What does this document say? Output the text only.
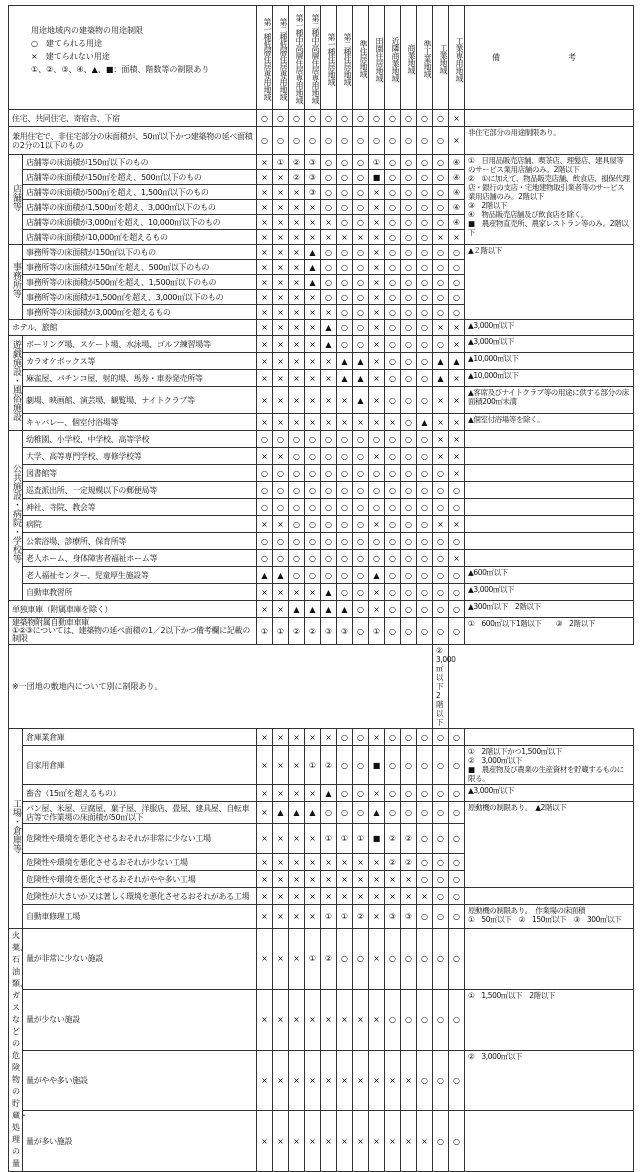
用途地域内の建築物の用途制限
○　建てられる用途
×　建てられない用途
①、②、③、④、▲、■：面積、階数等の制限あり		第一種低層住居専用地域	第二種低層住居専用地域	第一種中高層住居専用地域	第二種中高層住居専用地域	第一種住居地域	第二種住居地域	準住居地域	田園住居地域	近隣商業地域	商業地域	準工業地域	工業地域	工業専用地域	備　考
住宅、共同住宅、寄宿舎、下宿		○	○	○	○	○	○	○	○	○	○	○	○	×	
兼用住宅で、非住宅部分の床面積が、50㎡以下かつ建築物の延べ面積の2分の1以下のもの		○	○	○	○	○	○	○	○	○	○	○	○	×	非住宅部分の用途制限あり。
店舗等	店舗等の床面積が150㎡以下のもの	×	①	②	③	○	○	○	①	○	○	○	○	④	①　日用品販売店舗、喫茶店、理髪店、建具屋等のサービス業用店舗のみ。2階以下
②　①に加えて、物品販売店舗、飲食店、損保代理店・銀行の支店・宅地建物取引業者等のサービス業用店舗のみ。2階以下
③　2階以下
④　物品販売店舗及び飲食店を除く。
■　農産物直売所、農家レストラン等のみ。2階以下
	店舗等の床面積が150㎡を超え、500㎡以下のもの	×	×	②	③	○	○	○	■	○	○	○	○	④	
	店舗等の床面積が500㎡を超え、1,500㎡以下のもの	×	×	×	③	○	○	○	×	○	○	○	○	④	
	店舗等の床面積が1,500㎡を超え、3,000㎡以下のもの	×	×	×	×	○	○	○	×	○	○	○	○	④	
	店舗等の床面積が3,000㎡を超え、10,000㎡以下のもの	×	×	×	×	×	○	○	×	○	○	○	○	④	
	店舗等の床面積が10,000㎡を超えるもの	×	×	×	×	×	×	×	×	○	○	○	×	×	
事務所等	事務所等の床面積が150㎡以下のもの	×	×	×	▲	○	○	○	×	○	○	○	○	○	▲２階以下
	事務所等の床面積が150㎡を超え、500㎡以下のもの	×	×	×	▲	○	○	○	×	○	○	○	○	○	
	事務所等の床面積が500㎡を超え、1,500㎡以下のもの	×	×	×	▲	○	○	○	×	○	○	○	○	○	
	事務所等の床面積が1,500㎡を超え、3,000㎡以下のもの	×	×	×	×	○	○	○	×	○	○	○	○	○	
	事務所等の床面積が3,000㎡を超えるもの	×	×	×	×	×	○	○	×	○	○	○	○	○	
ホテル、旅館		×	×	×	×	▲	○	○	×	○	○	○	×	×	▲3,000㎡以下
遊戯施設・風俗施設	ボーリング場、スケート場、水泳場、ゴルフ練習場等	×	×	×	×	▲	○	○	×	○	○	○	○	×	▲3,000㎡以下
	カラオケボックス等	×	×	×	×	×	▲	▲	×	○	○	○	▲	▲	▲10,000㎡以下
	麻雀屋、パチンコ屋、射的場、馬券・車券発売所等	×	×	×	×	×	▲	▲	×	○	○	○	▲	×	▲10,000㎡以下
	劇場、映画館、演芸場、観覧場、ナイトクラブ等	×	×	×	×	×	×	▲	×	○	○	○	×	×	▲客席及びナイトクラブ等の用途に供する部分の床面積200㎡未満
	キャバレー、個室付浴場等	×	×	×	×	×	×	×	×	×	○	▲	×	×	▲個室付浴場等を除く。
公共施設・病院・学校等	幼稚園、小学校、中学校、高等学校	○	○	○	○	○	○	○	○	○	○	○	×	×	
	大学、高等専門学校、専修学校等	×	×	○	○	○	○	○	×	○	○	○	×	×	
	図書館等	○	○	○	○	○	○	○	○	○	○	○	○	×	
	巡査派出所、一定規模以下の郵便局等	○	○	○	○	○	○	○	○	○	○	○	○	○	
	神社、寺院、教会等	○	○	○	○	○	○	○	○	○	○	○	○	○	
	病院	×	×	○	○	○	○	○	×	○	○	○	×	×	
	公衆浴場、診療所、保育所等	○	○	○	○	○	○	○	○	○	○	○	○	○	
	老人ホーム、身体障害者福祉ホーム等	○	○	○	○	○	○	○	○	○	○	○	○	×	
	老人福祉センター、児童厚生施設等	▲	▲	○	○	○	○	○	▲	○	○	○	○	○	▲600㎡以下
	自動車教習所	×	×	×	×	▲	○	○	×	○	○	○	○	○	▲3,000㎡以下
単独車庫（附属車庫を除く）		×	×	▲	▲	▲	▲	○	×	○	○	○	○	○	▲300㎡以下　2階以下
建築物附属自動車車庫
①②③については、建築物の延べ面積の1／2以下かつ備考欄に記載の制限		①	①	②	②	③	③	○	①	○	○	○	○	○	①　600㎡以下1階以下　　③　2階以下
※一団地の敷地内について別に制限あり。													②　3,000㎡以下2階以下		
工場・倉庫等	倉庫業倉庫	×	×	×	×	×	○	○	×	○	○	○	○	○	
	自家用倉庫	×	×	×	①	②	○	○	■	○	○	○	○	○	①　2階以下かつ1,500㎡以下
②　3,000㎡以下
■　農産物及び農業の生産資材を貯蔵するものに限る。
	畜舎（15㎡を超えるもの）	×	×	×	×	▲	○	○	×	○	○	○	○	○	▲3,000㎡以下
	パン屋、米屋、豆腐屋、菓子屋、洋服店、畳屋、建具屋、自転車店等で作業場の床面積が50㎡以下	×	▲	▲	▲	○	○	○	▲	○	○	○	○	○	原動機の制限あり。　▲2階以下
	危険性や環境を悪化させるおそれが非常に少ない工場	×	×	×	×	①	①	①	■	②	②	○	○	○	
	危険性や環境を悪化させるおそれが少ない工場	×	×	×	×	×	×	×	×	②	②	○	○	○	
	危険性や環境を悪化させるおそれがやや多い工場	×	×	×	×	×	×	×	×	×	×	○	○	○	
	危険性が大きいか又は著しく環境を悪化させるおそれがある工場	×	×	×	×	×	×	×	×	×	×	×	○	○	
	自動車修理工場	×	×	×	×	①	①	②	×	③	③	○	○	○	原動機の制限あり。　作業場の床面積
①　50㎡以下　②　150㎡以下　③　300㎡以下
火薬、石油類、ガスなどの危険物の貯蔵・処理の量	量が非常に少ない施設	×	×	×	①	②	○	○	×	○	○	○	○	○	
	量が少ない施設	×	×	×	×	×	×	×	×	○	○	○	○	○	①　1,500㎡以下　2階以下
	量がやや多い施設	×	×	×	×	×	×	×	×	×	×	○	○	○	②　3,000㎡以下
	量が多い施設	×	×	×	×	×	×	×	×	×	×	×	○	○	
